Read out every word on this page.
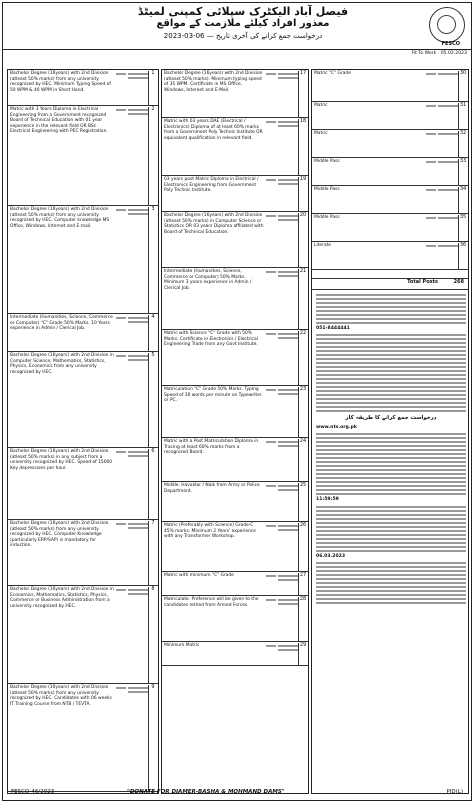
FESCO
فیصل آباد الیکٹرک سپلائی کمپنی لمیٹڈ
معذور افراد کیلئے ملازمت کے مواقع
درخواست جمع کرانے کی آخری تاریخ — 06-03-2023
Fit To Work · 05.02.2023
1
Bachelor Degree (16years) with 2nd Division (atleast 50% marks) from any university recognized by HEC. Minimum Typing Speed of 50 WPM & 40 WPM in Short Hand.
2
Matric with 3 Years Diploma in Electrical Engineering from a Government recognized Board of Technical Education with 01 year experience in the relevant field OR BSc Electrical Engineering with PEC Registration.
3
Bachelor Degree (16years) with 2nd Division (atleast 50% marks) from any university recognized by HEC. Computer knowledge MS Office, Windows, Internet and E-mail.
4
Intermediate (Humanities, Science, Commerce or Computer) "C" Grade 50% Marks. 10 Years experience in Admin / Clerical Job.
5
Bachelor Degree (16years) with 2nd Division in Computer Science, Mathematics, Statistics, Physics, Economics from any university recognized by HEC.
6
Bachelor Degree (16years) with 2nd Division (atleast 50% marks) in any subject from a university recognized by HEC. Speed of 15000 Key depressions per hour.
7
Bachelor Degree (16years) with 2nd Division (atleast 50% marks) from any university recognized by HEC. Computer Knowledge (particularly ERP/SAP) is mandatory for induction.
8
Bachelor Degree (16years) with 2nd Division in Economics, Mathematics, Statistics, Physics, Commerce or Business Administration from a university recognized by HEC.
9
Bachelor Degree (16years) with 2nd Division (atleast 50% marks) from any university recognized by HEC. Candidates with 06 weeks IT Training Course from NTB / TEVTA.
17
Bachelor Degree (16years) with 2nd Division (atleast 50% marks). Minimum typing speed of 35 WPM. Certificate in MS Office, Windows, Internet and E-Mail.
18
Matric with 03 years DAE (Electrical / Electronics) Diploma of at least 60% marks from a Government Poly Technic Institute OR equivalent qualification in relevant field.
19
03 years post Matric Diploma in Electrical / Electronics Engineering from Government Poly Technic Institute.
20
Bachelor Degree (16years) with 2nd Division (atleast 50% marks) in Computer Science or Statistics OR 03 years Diploma affiliated with Board of Technical Education.
21
Intermediate (Humanities, Science, Commerce or Computer) 50% Marks. Minimum 3 years experience in Admin / Clerical Job.
22
Matric with Science "C" Grade with 50% Marks. Certificate in Electronics / Electrical Engineering Trade from any Govt Institute.
23
Matriculation "C" Grade 50% Marks. Typing Speed of 30 words per minute on Typewriter or PC.
24
Matric with a Post Matriculation Diploma in Tracing at least 60% marks from a recognized Board.
25
Middle. Havaldar / Naik from Army or Police Department.
26
Matric (Preferably with Science) Grade-C 45% marks. Minimum 2 Years' experience with any Transformer Workshop.
27
Matric with minimum "C" Grade
28
Matriculate. Preference will be given to the candidates retired from Armed Forces.
29
Minimum Matric
30
Matric "C" Grade
31
Matric
32
Matric
33
Middle Pass
34
Middle Pass
35
Middle Pass
36
Literate
Total Posts	268
051-8444441
درخواست جمع کرانے کا طریقہ کار
www.nts.org.pk
11:59:59
06.03.2023
FESCO-46/2023	"DONATE FOR DIAMER-BASHA & MOHMAND DAMS"	PID(L)
